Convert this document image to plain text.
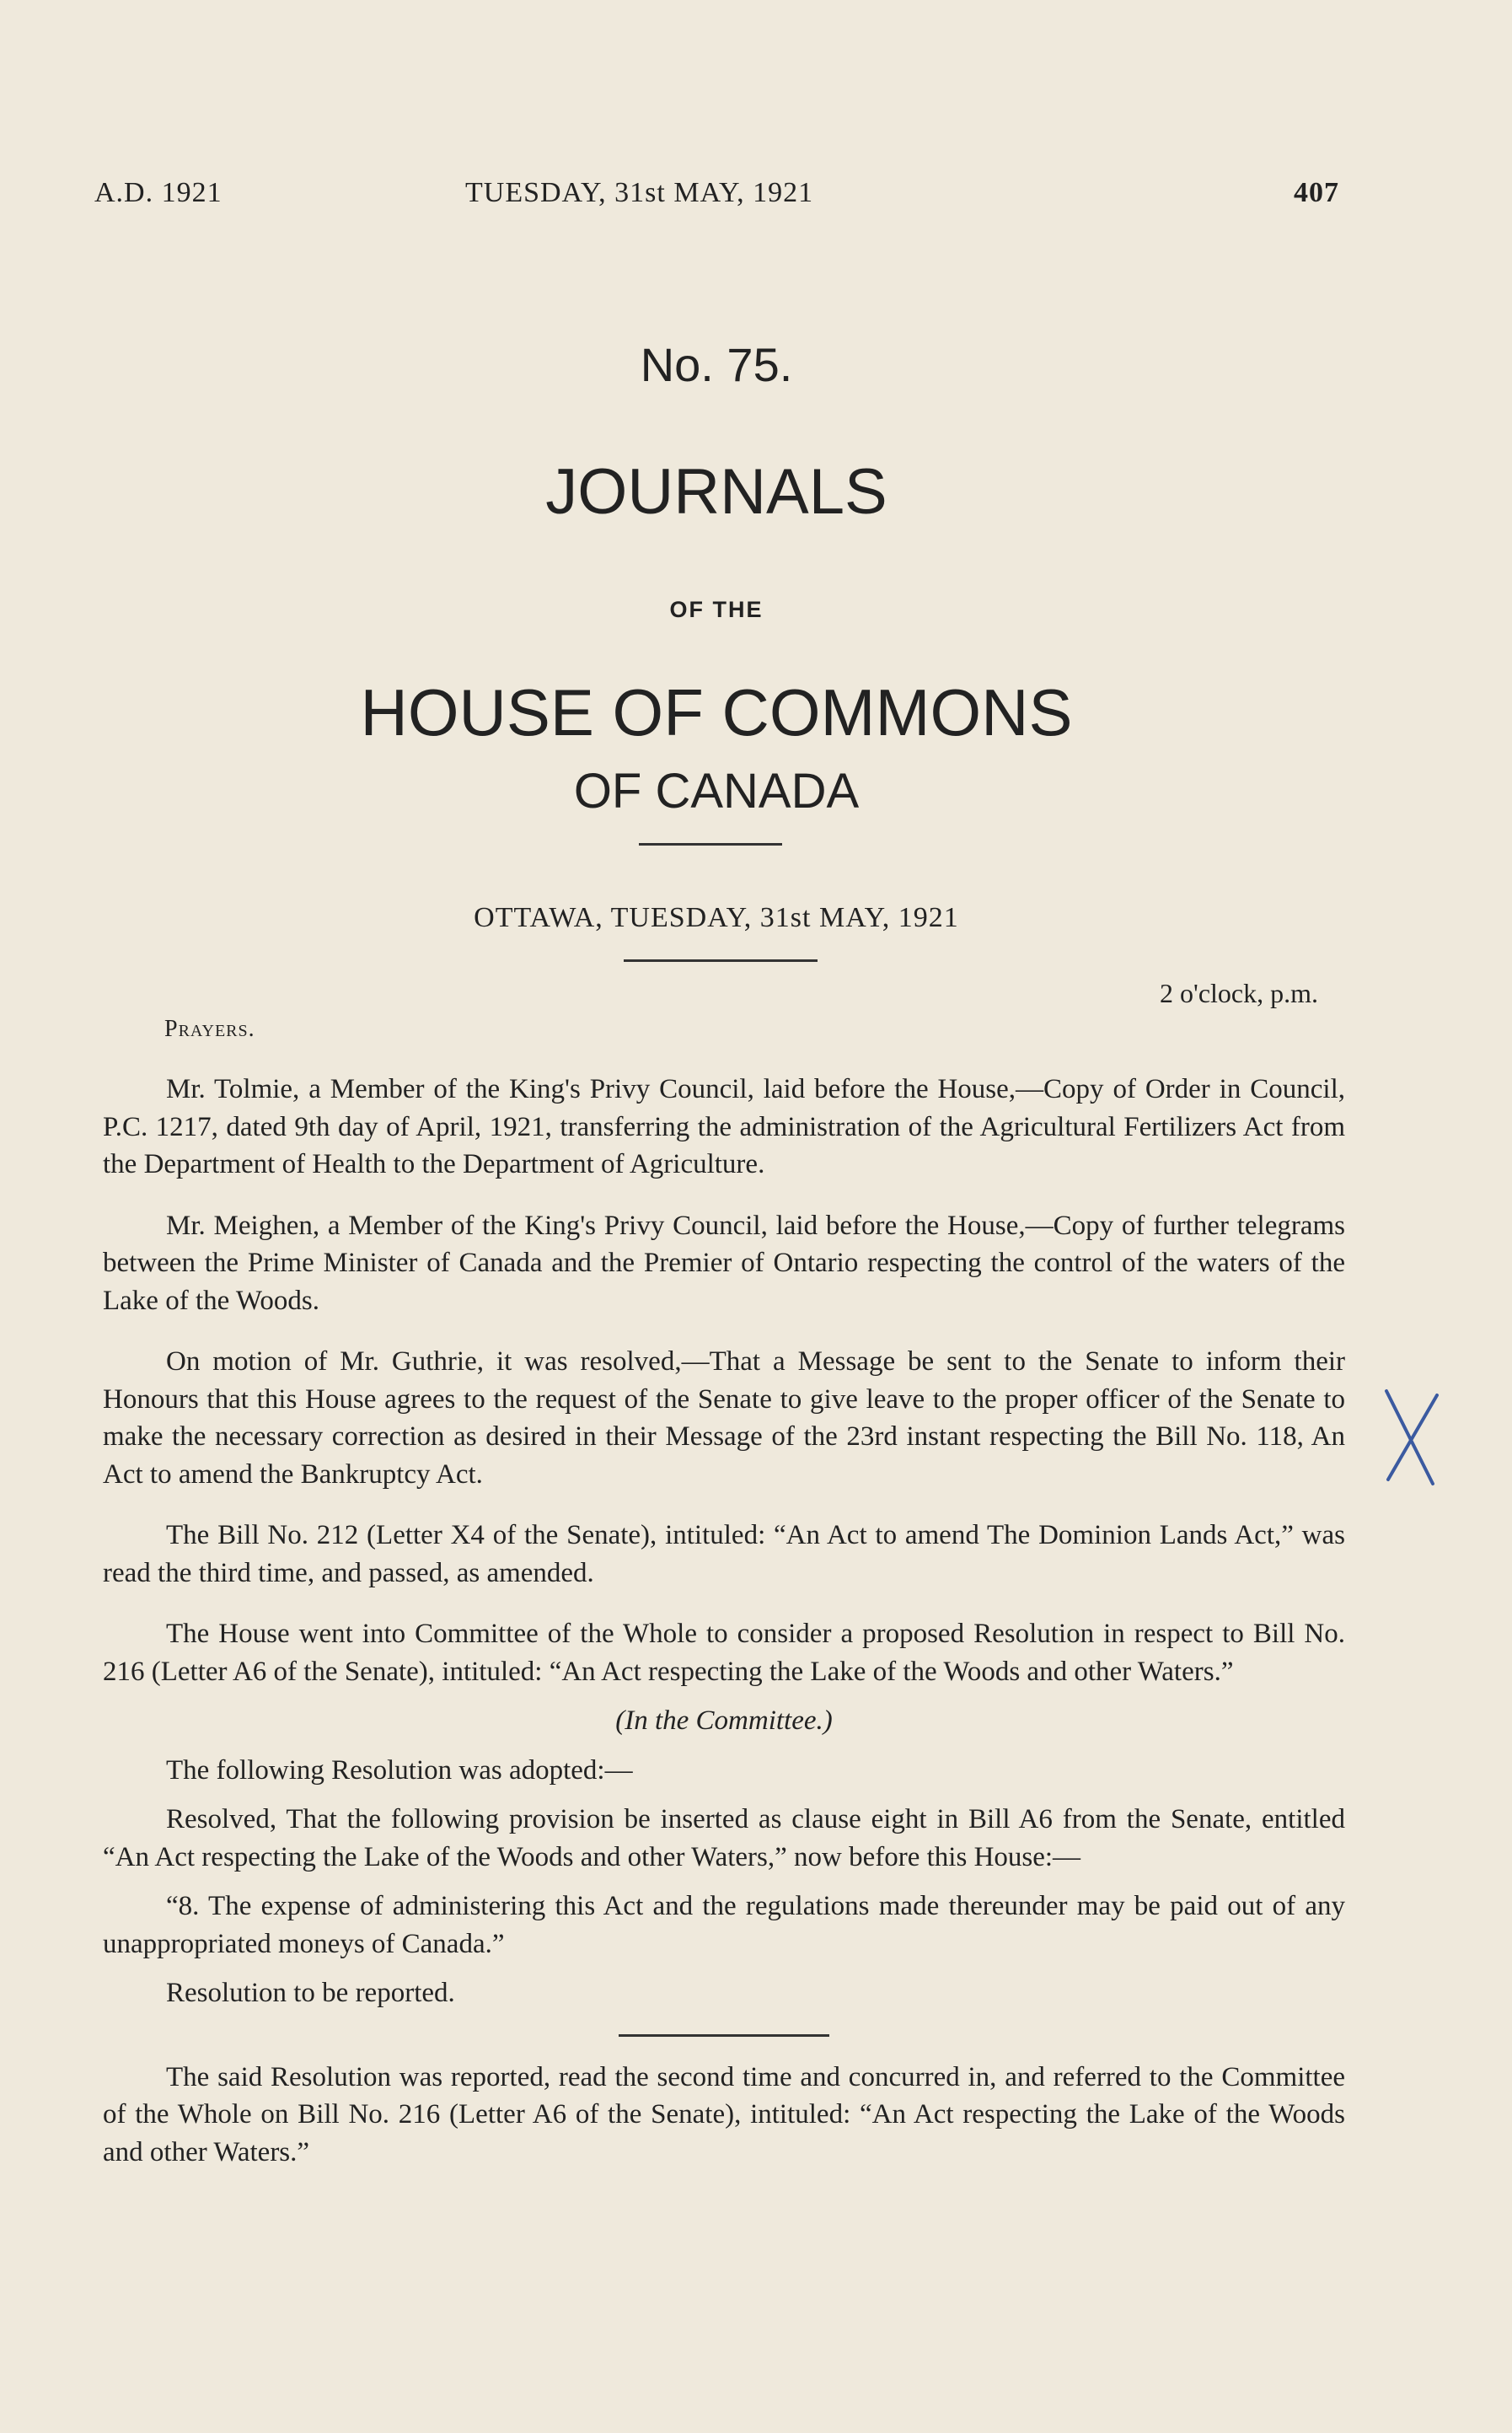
A.D. 1921	TUESDAY, 31st MAY, 1921	407
No. 75.
JOURNALS
OF THE
HOUSE OF COMMONS
OF CANADA
OTTAWA, TUESDAY, 31st MAY, 1921
2 o'clock, p.m.
Prayers.

Mr. Tolmie, a Member of the King's Privy Council, laid before the House,—Copy of Order in Council, P.C. 1217, dated 9th day of April, 1921, transferring the administration of the Agricultural Fertilizers Act from the Department of Health to the Department of Agriculture.

Mr. Meighen, a Member of the King's Privy Council, laid before the House,—Copy of further telegrams between the Prime Minister of Canada and the Premier of Ontario respecting the control of the waters of the Lake of the Woods.

On motion of Mr. Guthrie, it was resolved,—That a Message be sent to the Senate to inform their Honours that this House agrees to the request of the Senate to give leave to the proper officer of the Senate to make the necessary correction as desired in their Message of the 23rd instant respecting the Bill No. 118, An Act to amend the Bankruptcy Act.

The Bill No. 212 (Letter X4 of the Senate), intituled: “An Act to amend The Dominion Lands Act,” was read the third time, and passed, as amended.

The House went into Committee of the Whole to consider a proposed Resolution in respect to Bill No. 216 (Letter A6 of the Senate), intituled: “An Act respecting the Lake of the Woods and other Waters.”

(In the Committee.)

The following Resolution was adopted:—

Resolved, That the following provision be inserted as clause eight in Bill A6 from the Senate, entitled “An Act respecting the Lake of the Woods and other Waters,” now before this House:—

“8. The expense of administering this Act and the regulations made thereunder may be paid out of any unappropriated moneys of Canada.”

Resolution to be reported.

The said Resolution was reported, read the second time and concurred in, and referred to the Committee of the Whole on Bill No. 216 (Letter A6 of the Senate), intituled: “An Act respecting the Lake of the Woods and other Waters.”
